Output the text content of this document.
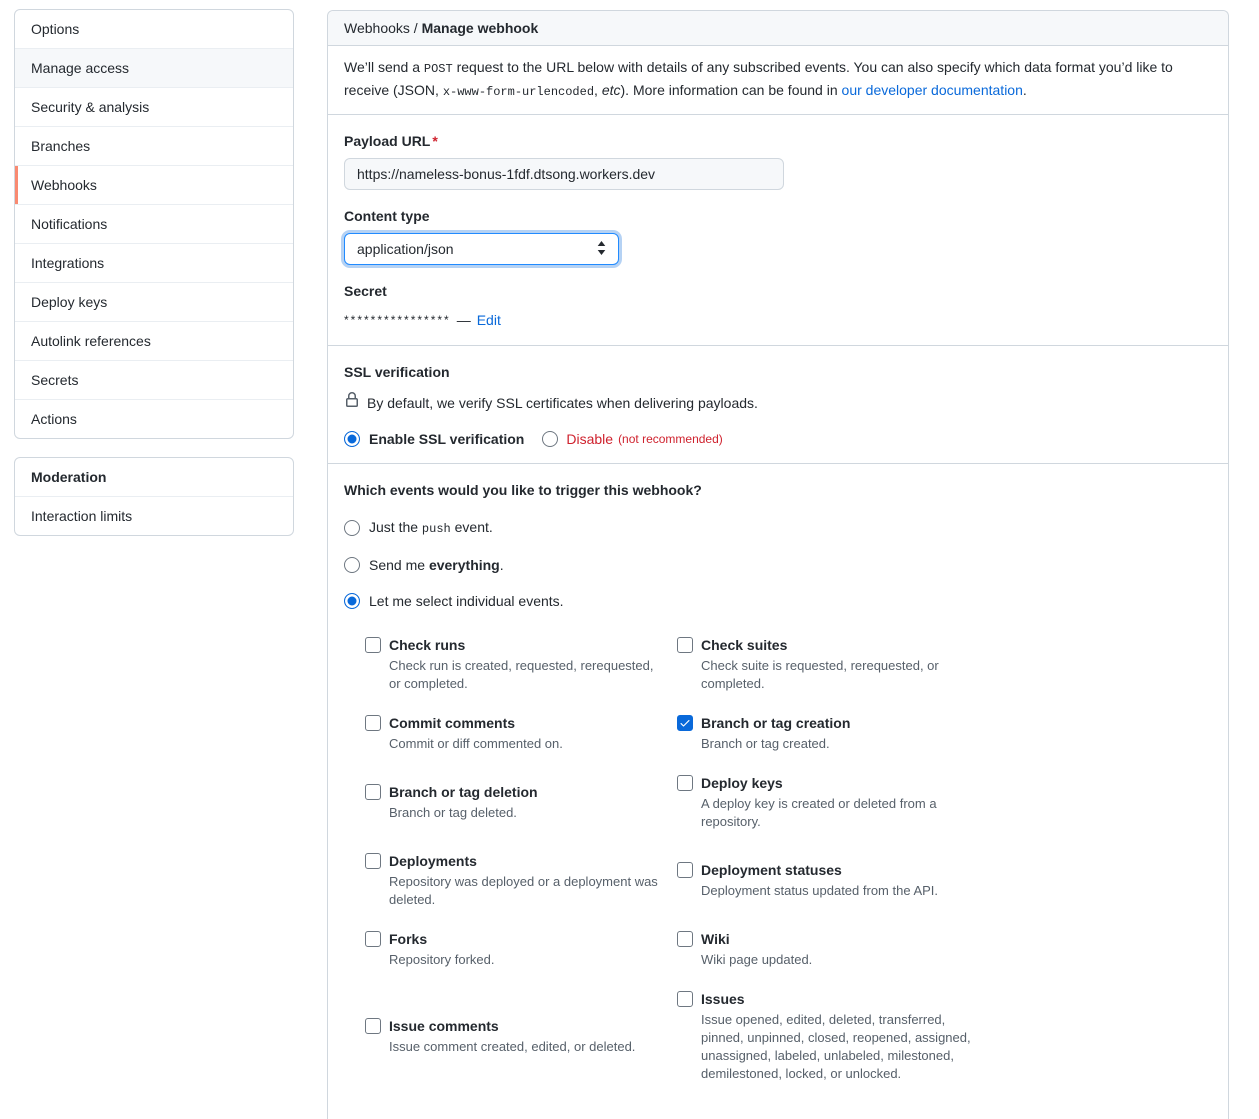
Options
Manage access
Security & analysis
Branches
Webhooks
Notifications
Integrations
Deploy keys
Autolink references
Secrets
Actions
Moderation
Interaction limits
Webhooks / Manage webhook
We’ll send a POST request to the URL below with details of any subscribed events. You can also specify which data format you’d like to receive (JSON, x-www-form-urlencoded, etc). More information can be found in our developer documentation.
Payload URL *
https://nameless-bonus-1fdf.dtsong.workers.dev
Content type
application/json
Secret
**************** — Edit
SSL verification
By default, we verify SSL certificates when delivering payloads.
Enable SSL verification	Disable (not recommended)
Which events would you like to trigger this webhook?
Just the push event.
Send me everything.
Let me select individual events.
Check runs
Check run is created, requested, rerequested, or completed.
Check suites
Check suite is requested, rerequested, or completed.
Commit comments
Commit or diff commented on.
Branch or tag creation
Branch or tag created.
Branch or tag deletion
Branch or tag deleted.
Deploy keys
A deploy key is created or deleted from a repository.
Deployments
Repository was deployed or a deployment was deleted.
Deployment statuses
Deployment status updated from the API.
Forks
Repository forked.
Wiki
Wiki page updated.
Issue comments
Issue comment created, edited, or deleted.
Issues
Issue opened, edited, deleted, transferred, pinned, unpinned, closed, reopened, assigned, unassigned, labeled, unlabeled, milestoned, demilestoned, locked, or unlocked.
